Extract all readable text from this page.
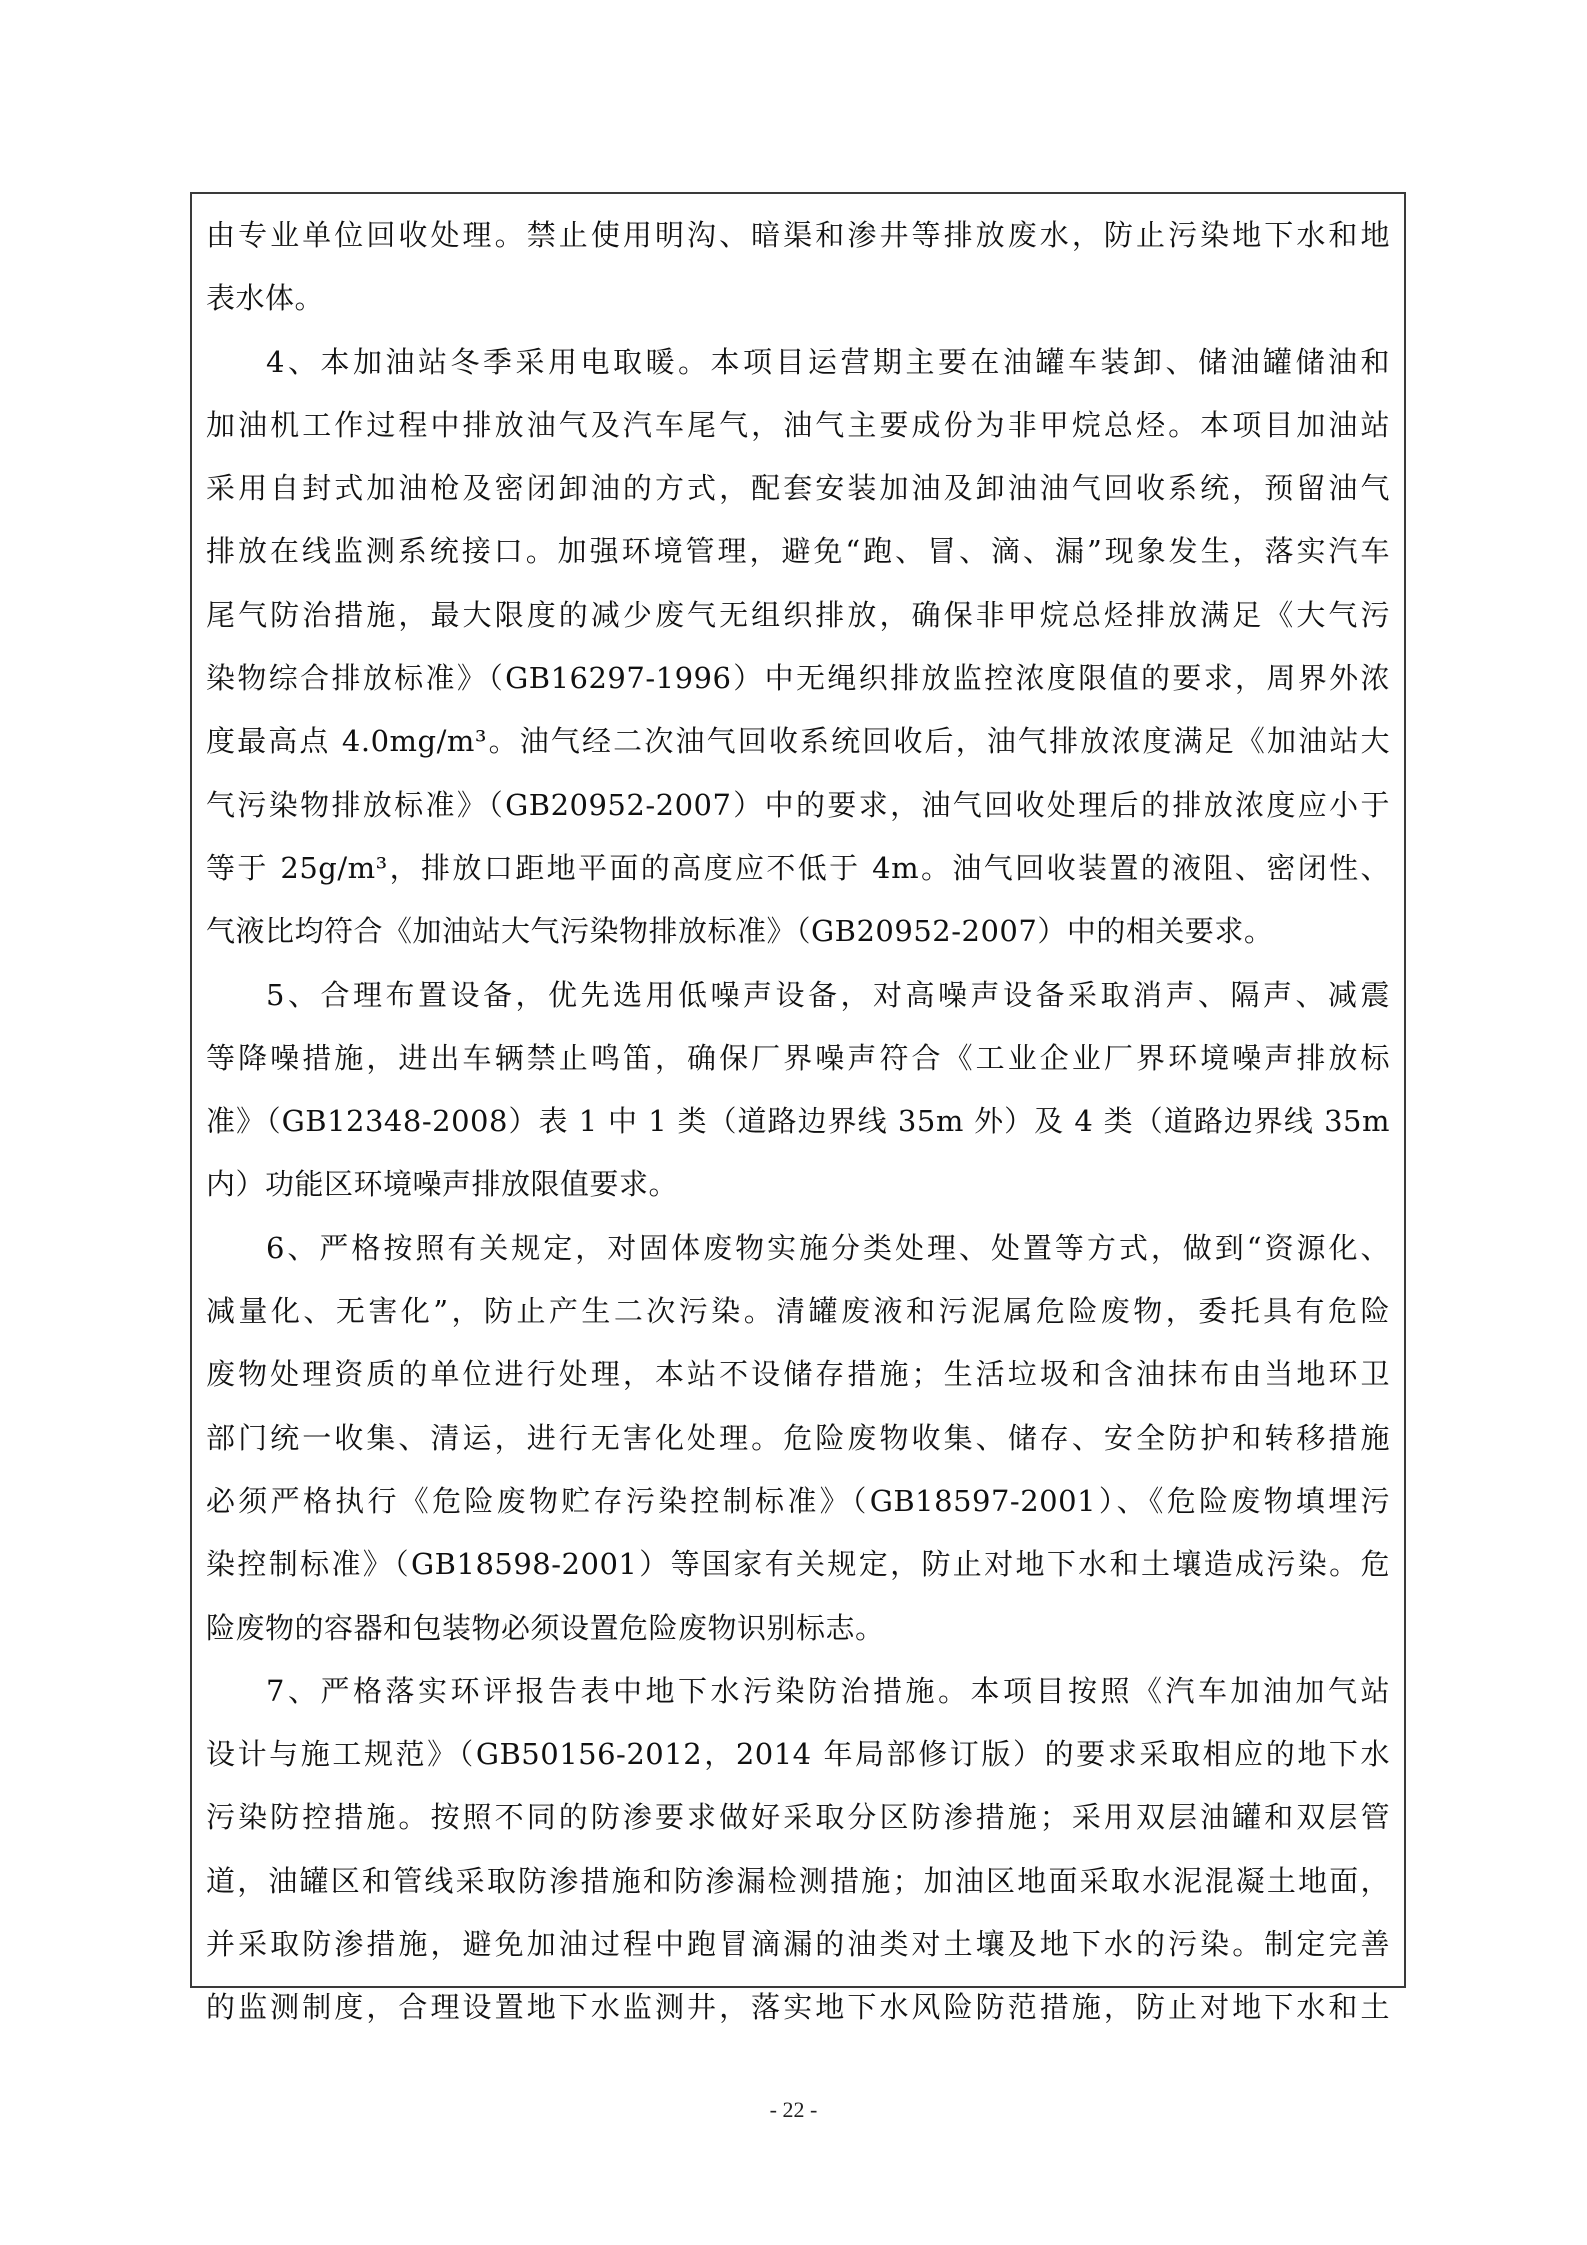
由专业单位回收处理。禁止使用明沟、暗渠和渗井等排放废水，防止污染地下水和地
表水体。
4、本加油站冬季采用电取暖。本项目运营期主要在油罐车装卸、储油罐储油和
加油机工作过程中排放油气及汽车尾气，油气主要成份为非甲烷总烃。本项目加油站
采用自封式加油枪及密闭卸油的方式，配套安装加油及卸油油气回收系统，预留油气
排放在线监测系统接口。加强环境管理，避免“跑、冒、滴、漏”现象发生，落实汽车
尾气防治措施，最大限度的减少废气无组织排放，确保非甲烷总烃排放满足《大气污
染物综合排放标准》（GB16297-1996）中无绳织排放监控浓度限值的要求，周界外浓
度最高点 4.0mg/m³。油气经二次油气回收系统回收后，油气排放浓度满足《加油站大
气污染物排放标准》（GB20952-2007）中的要求，油气回收处理后的排放浓度应小于
等于 25g/m³，排放口距地平面的高度应不低于 4m。油气回收装置的液阻、密闭性、
气液比均符合《加油站大气污染物排放标准》（GB20952-2007）中的相关要求。
5、合理布置设备，优先选用低噪声设备，对高噪声设备采取消声、隔声、减震
等降噪措施，进出车辆禁止鸣笛，确保厂界噪声符合《工业企业厂界环境噪声排放标
准》（GB12348-2008）表 1 中 1 类（道路边界线 35m 外）及 4 类（道路边界线 35m
内）功能区环境噪声排放限值要求。
6、严格按照有关规定，对固体废物实施分类处理、处置等方式，做到“资源化、
减量化、无害化”，防止产生二次污染。清罐废液和污泥属危险废物，委托具有危险
废物处理资质的单位进行处理，本站不设储存措施；生活垃圾和含油抹布由当地环卫
部门统一收集、清运，进行无害化处理。危险废物收集、储存、安全防护和转移措施
必须严格执行《危险废物贮存污染控制标准》（GB18597-2001）、《危险废物填埋污
染控制标准》（GB18598-2001）等国家有关规定，防止对地下水和土壤造成污染。危
险废物的容器和包装物必须设置危险废物识别标志。
7、严格落实环评报告表中地下水污染防治措施。本项目按照《汽车加油加气站
设计与施工规范》（GB50156-2012，2014 年局部修订版）的要求采取相应的地下水
污染防控措施。按照不同的防渗要求做好采取分区防渗措施；采用双层油罐和双层管
道，油罐区和管线采取防渗措施和防渗漏检测措施；加油区地面采取水泥混凝土地面，
并采取防渗措施，避免加油过程中跑冒滴漏的油类对土壤及地下水的污染。制定完善
的监测制度，合理设置地下水监测井，落实地下水风险防范措施，防止对地下水和土
- 22 -
